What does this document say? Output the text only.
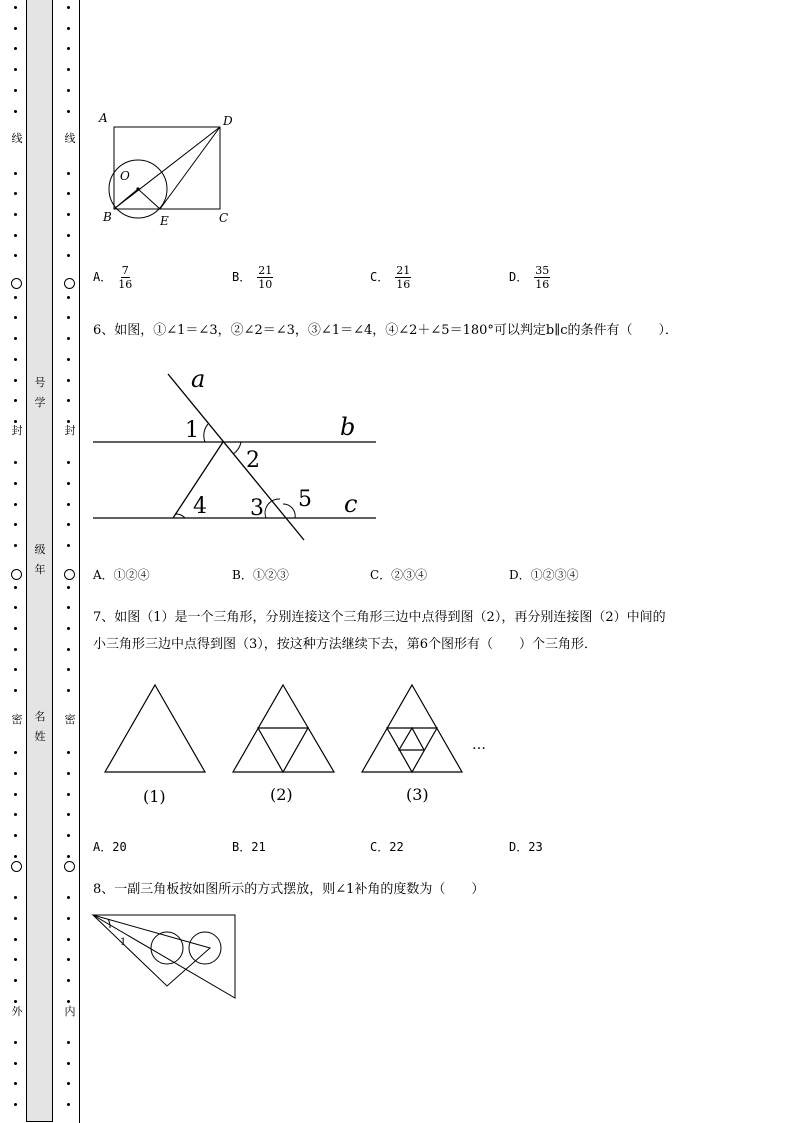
线
封
密
外
线
封
密
内
号
学
级
年
名
姓
A	D
O
B	E	C
A． $\frac{7}{16}$	B． $\frac{21}{10}$	C． $\frac{21}{16}$	D． $\frac{35}{16}$
6、如图，①∠1＝∠3，②∠2＝∠3，③∠1＝∠4，④∠2＋∠5＝180°可以判定b∥c的条件有（　　）．
a
b
c
1
2
3
4	5
A．①②④	B．①②③	C．②③④	D．①②③④
7、如图（1）是一个三角形，分别连接这个三角形三边中点得到图（2），再分别连接图（2）中间的
小三角形三边中点得到图（3），按这种方法继续下去，第6个图形有（　　）个三角形．
(1)	(2)	(3)
…
A．20	B．21	C．22	D．23
8、一副三角板按如图所示的方式摆放，则∠1补角的度数为（　　）
1
